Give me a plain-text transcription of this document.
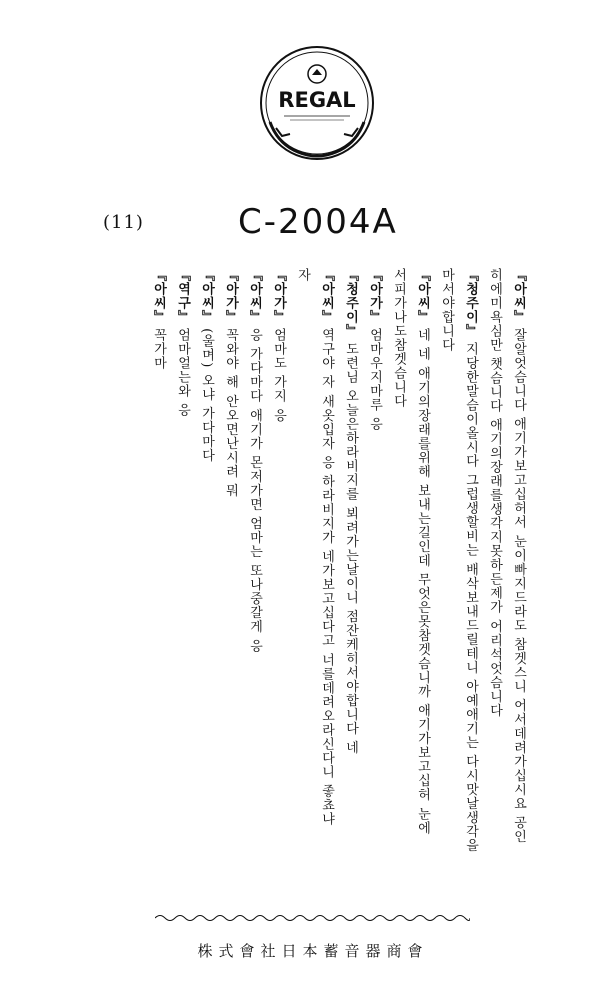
REGAL
(11)	C-2004A

『아씨』 잘알엇슴니다 애기가보고십허서 눈이빠지드라도 참겟스니 어서데려가십시요 공인

히에미욕심만 챗슴니다 애기의장래를생각지못하든제가 어리석엇슴니다

『청주이』 지당한말슴이올시다 그럽생할비는 배삭보내드릴테니 아예애기는 다시맛날생각을

마서야합니다

『아씨』 네 네 애기의장래를위해 보내는길인데 무엇은못참겟슴니까 애기가보고십허 눈에

서피가나도참겟슴니다

『아가』 엄마우지마루 응

『청주이』 도련님 오늘은하라비지를 뵈려가는날이니 점잔케히서야합니다 네

『아씨』 역구야 자 새옷입자 응 하라비지가 네가보고십다고 너를데려오라신다니 좋쵸냐

자

『아가』 엄마도 가지 응

『아씨』 응 가다마다 애기가 몬저가면 엄마는 또나중갈게 응

『아가』 꼭와야 해 안오면난시려 뭐

『아씨』 (울며) 오냐 가다마다

『역구』 엄마얼는와 응

『아씨』 꼭가마

株式會社日本蓄音器商會
